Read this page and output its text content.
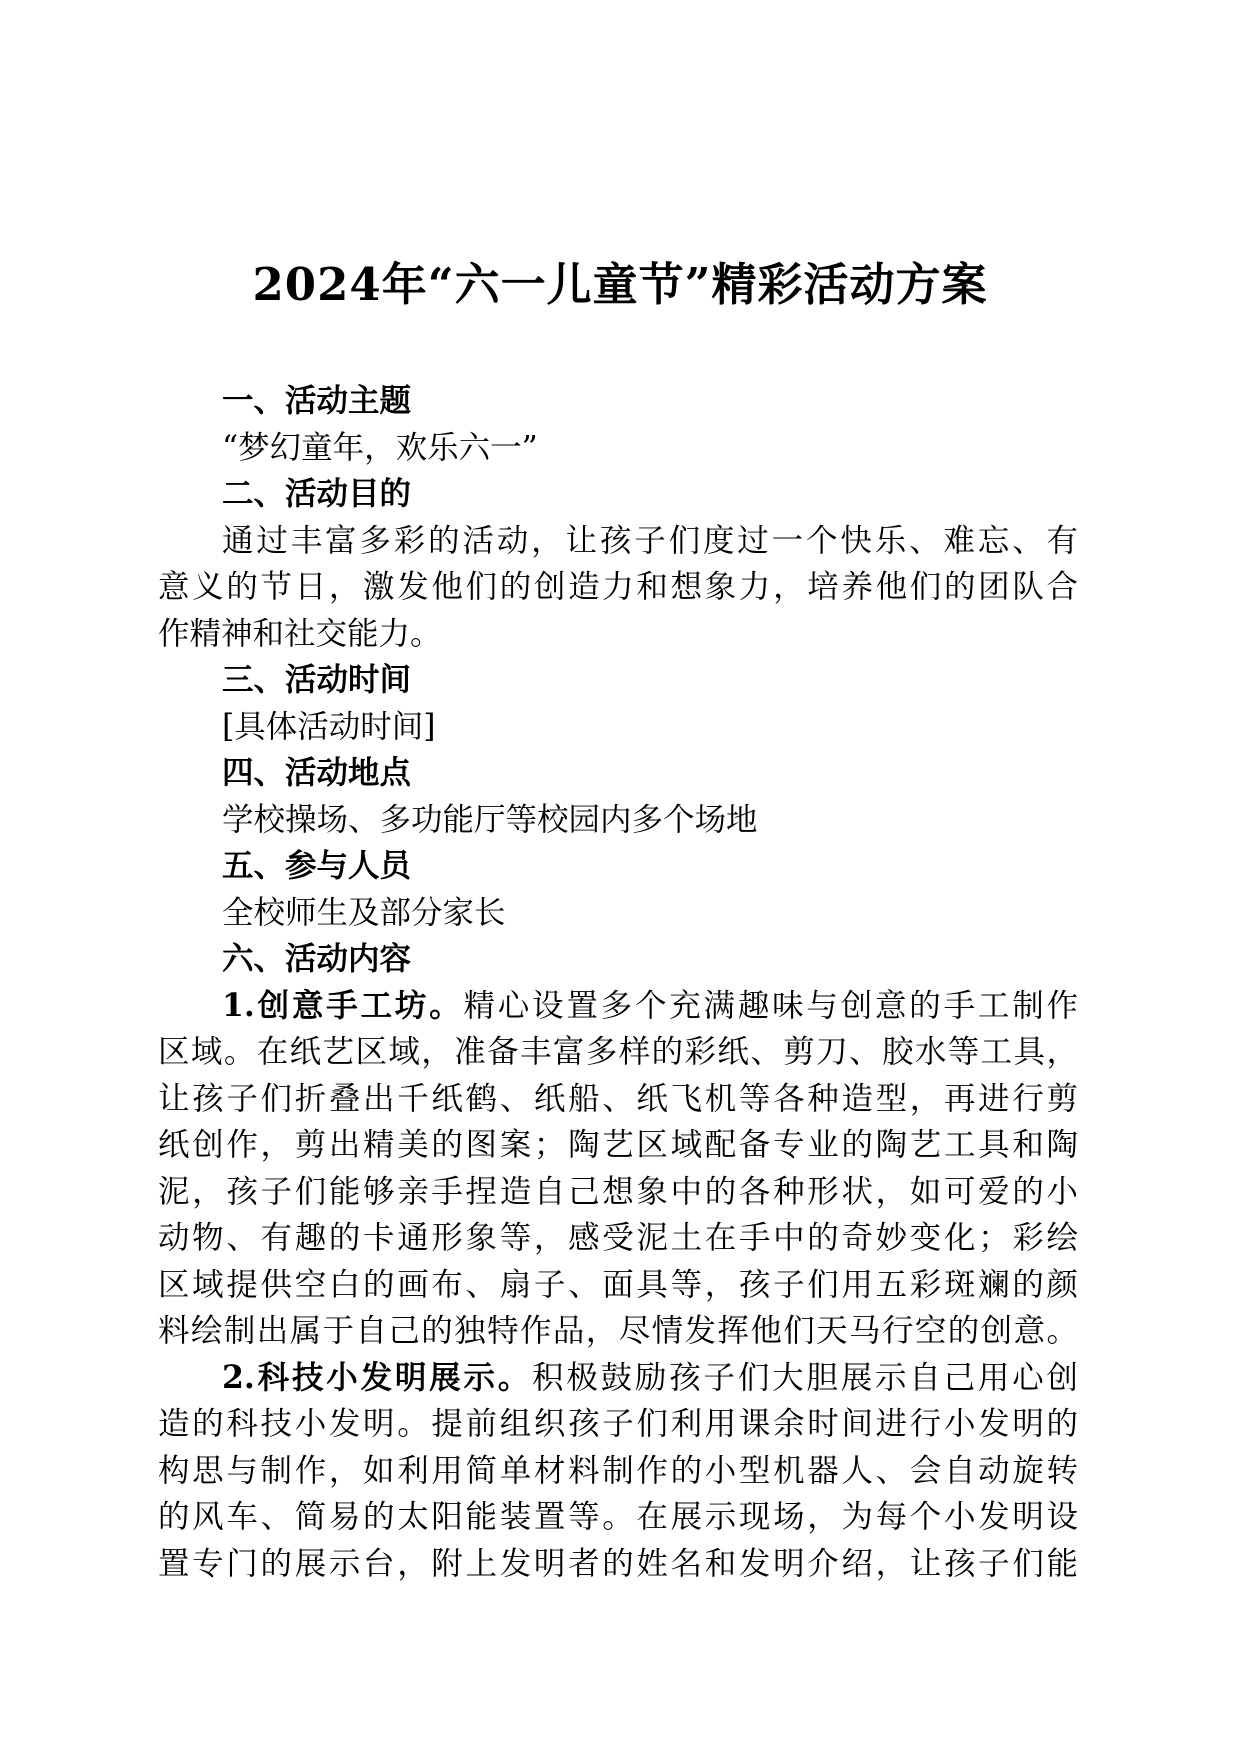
2024年“六一儿童节”精彩活动方案
一、活动主题
“梦幻童年，欢乐六一”
二、活动目的
通过丰富多彩的活动，让孩子们度过一个快乐、难忘、有
意义的节日，激发他们的创造力和想象力，培养他们的团队合
作精神和社交能力。
三、活动时间
[具体活动时间]
四、活动地点
学校操场、多功能厅等校园内多个场地
五、参与人员
全校师生及部分家长
六、活动内容
1.创意手工坊。精心设置多个充满趣味与创意的手工制作
区域。在纸艺区域，准备丰富多样的彩纸、剪刀、胶水等工具，
让孩子们折叠出千纸鹤、纸船、纸飞机等各种造型，再进行剪
纸创作，剪出精美的图案；陶艺区域配备专业的陶艺工具和陶
泥，孩子们能够亲手捏造自己想象中的各种形状，如可爱的小
动物、有趣的卡通形象等，感受泥土在手中的奇妙变化；彩绘
区域提供空白的画布、扇子、面具等，孩子们用五彩斑斓的颜
料绘制出属于自己的独特作品，尽情发挥他们天马行空的创意。
2.科技小发明展示。积极鼓励孩子们大胆展示自己用心创
造的科技小发明。提前组织孩子们利用课余时间进行小发明的
构思与制作，如利用简单材料制作的小型机器人、会自动旋转
的风车、简易的太阳能装置等。在展示现场，为每个小发明设
置专门的展示台，附上发明者的姓名和发明介绍，让孩子们能
